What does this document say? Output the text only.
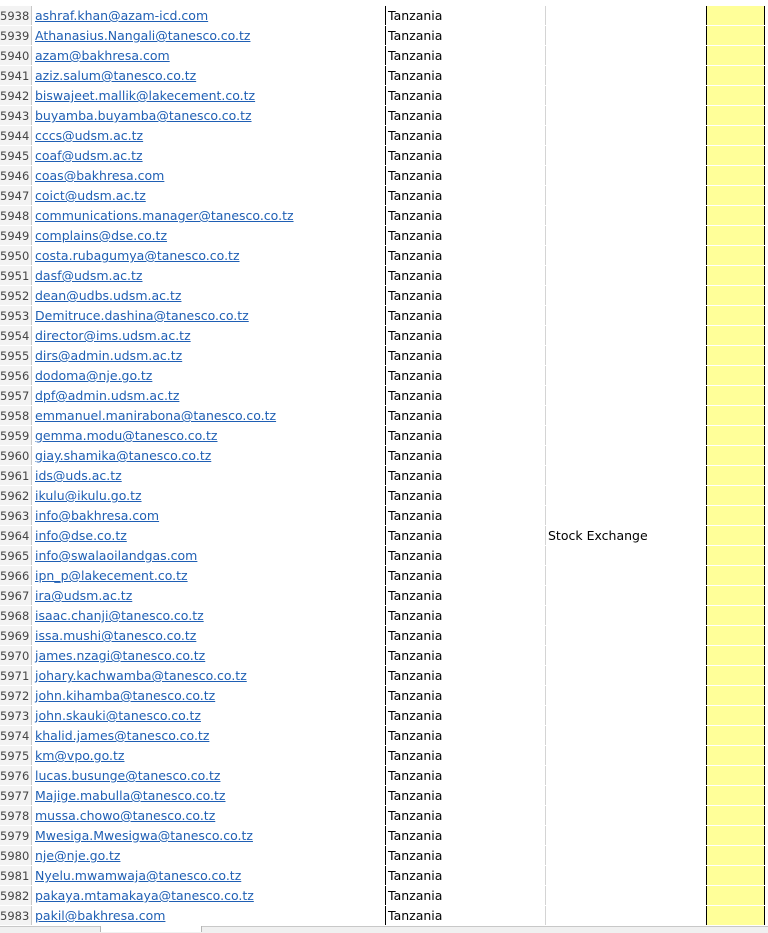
5938 ashraf.khan@azam-icd.com	Tanzania
5939 Athanasius.Nangali@tanesco.co.tz	Tanzania
5940 azam@bakhresa.com	Tanzania
5941 aziz.salum@tanesco.co.tz	Tanzania
5942 biswajeet.mallik@lakecement.co.tz	Tanzania
5943 buyamba.buyamba@tanesco.co.tz	Tanzania
5944 cccs@udsm.ac.tz	Tanzania
5945 coaf@udsm.ac.tz	Tanzania
5946 coas@bakhresa.com	Tanzania
5947 coict@udsm.ac.tz	Tanzania
5948 communications.manager@tanesco.co.tz	Tanzania
5949 complains@dse.co.tz	Tanzania
5950 costa.rubagumya@tanesco.co.tz	Tanzania
5951 dasf@udsm.ac.tz	Tanzania
5952 dean@udbs.udsm.ac.tz	Tanzania
5953 Demitruce.dashina@tanesco.co.tz	Tanzania
5954 director@ims.udsm.ac.tz	Tanzania
5955 dirs@admin.udsm.ac.tz	Tanzania
5956 dodoma@nje.go.tz	Tanzania
5957 dpf@admin.udsm.ac.tz	Tanzania
5958 emmanuel.manirabona@tanesco.co.tz	Tanzania
5959 gemma.modu@tanesco.co.tz	Tanzania
5960 giay.shamika@tanesco.co.tz	Tanzania
5961 ids@uds.ac.tz	Tanzania
5962 ikulu@ikulu.go.tz	Tanzania
5963 info@bakhresa.com	Tanzania
5964 info@dse.co.tz	Tanzania	Stock Exchange
5965 info@swalaoilandgas.com	Tanzania
5966 ipn_p@lakecement.co.tz	Tanzania
5967 ira@udsm.ac.tz	Tanzania
5968 isaac.chanji@tanesco.co.tz	Tanzania
5969 issa.mushi@tanesco.co.tz	Tanzania
5970 james.nzagi@tanesco.co.tz	Tanzania
5971 johary.kachwamba@tanesco.co.tz	Tanzania
5972 john.kihamba@tanesco.co.tz	Tanzania
5973 john.skauki@tanesco.co.tz	Tanzania
5974 khalid.james@tanesco.co.tz	Tanzania
5975 km@vpo.go.tz	Tanzania
5976 lucas.busunge@tanesco.co.tz	Tanzania
5977 Majige.mabulla@tanesco.co.tz	Tanzania
5978 mussa.chowo@tanesco.co.tz	Tanzania
5979 Mwesiga.Mwesigwa@tanesco.co.tz	Tanzania
5980 nje@nje.go.tz	Tanzania
5981 Nyelu.mwamwaja@tanesco.co.tz	Tanzania
5982 pakaya.mtamakaya@tanesco.co.tz	Tanzania
5983 pakil@bakhresa.com	Tanzania
